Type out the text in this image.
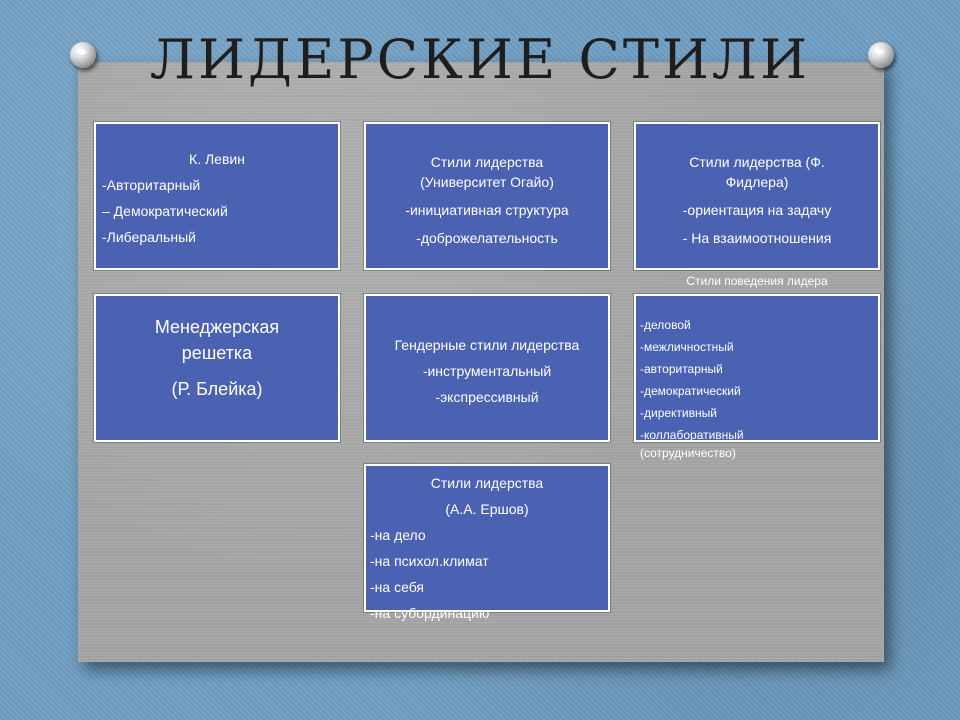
ЛИДЕРСКИЕ СТИЛИ
К. Левин
-Авторитарный
– Демократический
-Либеральный
Стили лидерства
(Университет Огайо)
-инициативная структура
-доброжелательность
Стили лидерства (Ф.
Фидлера)
-ориентация на задачу
- На взаимоотношения
Менеджерская
решетка
(Р. Блейка)
Гендерные стили лидерства
-инструментальный
-экспрессивный
Стили поведения лидера

-деловой
-межличностный
-авторитарный
-демократический
-директивный
-коллаборативный
(сотрудничество)
Стили лидерства
(А.А. Ершов)
-на дело
-на психол.климат
-на себя
-на субординацию
